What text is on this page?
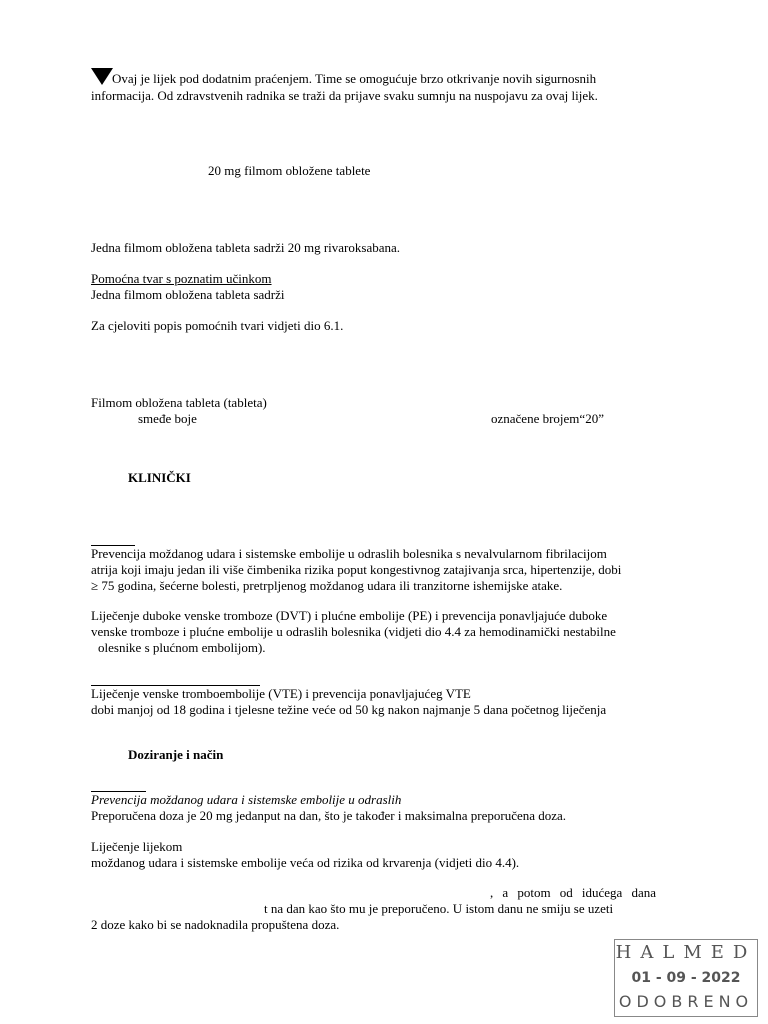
Ovaj je lijek pod dodatnim praćenjem. Time se omogućuje brzo otkrivanje novih sigurnosnih
informacija. Od zdravstvenih radnika se traži da prijave svaku sumnju na nuspojavu za ovaj lijek.
20 mg filmom obložene tablete
Jedna filmom obložena tableta sadrži 20 mg rivaroksabana.
Pomoćna tvar s poznatim učinkom
Jedna filmom obložena tableta sadrži
Za cjeloviti popis pomoćnih tvari vidjeti dio 6.1.
Filmom obložena tableta (tableta)
smeđe boje	označene brojem“20”
KLINIČKI
Prevencija moždanog udara i sistemske embolije u odraslih bolesnika s nevalvularnom fibrilacijom
atrija koji imaju jedan ili više čimbenika rizika poput kongestivnog zatajivanja srca, hipertenzije, dobi
≥ 75 godina, šećerne bolesti, pretrpljenog moždanog udara ili tranzitorne ishemijske atake.
Liječenje duboke venske tromboze (DVT) i plućne embolije (PE) i prevencija ponavljajuće duboke
venske tromboze i plućne embolije u odraslih bolesnika (vidjeti dio 4.4 za hemodinamički nestabilne
olesnike s plućnom embolijom).
Liječenje venske tromboembolije (VTE) i prevencija ponavljajućeg VTE
dobi manjoj od 18 godina i tjelesne težine veće od 50 kg nakon najmanje 5 dana početnog liječenja
Doziranje i način
Prevencija moždanog udara i sistemske embolije u odraslih
Preporučena doza je 20 mg jedanput na dan, što je također i maksimalna preporučena doza.
Liječenje lijekom
moždanog udara i sistemske embolije veća od rizika od krvarenja (vidjeti dio 4.4).
, a potom od idućega dana
t na dan kao što mu je preporučeno. U istom danu ne smiju se uzeti
2 doze kako bi se nadoknadila propuštena doza.
HALMED
01 - 09 - 2022
ODOBRENO
